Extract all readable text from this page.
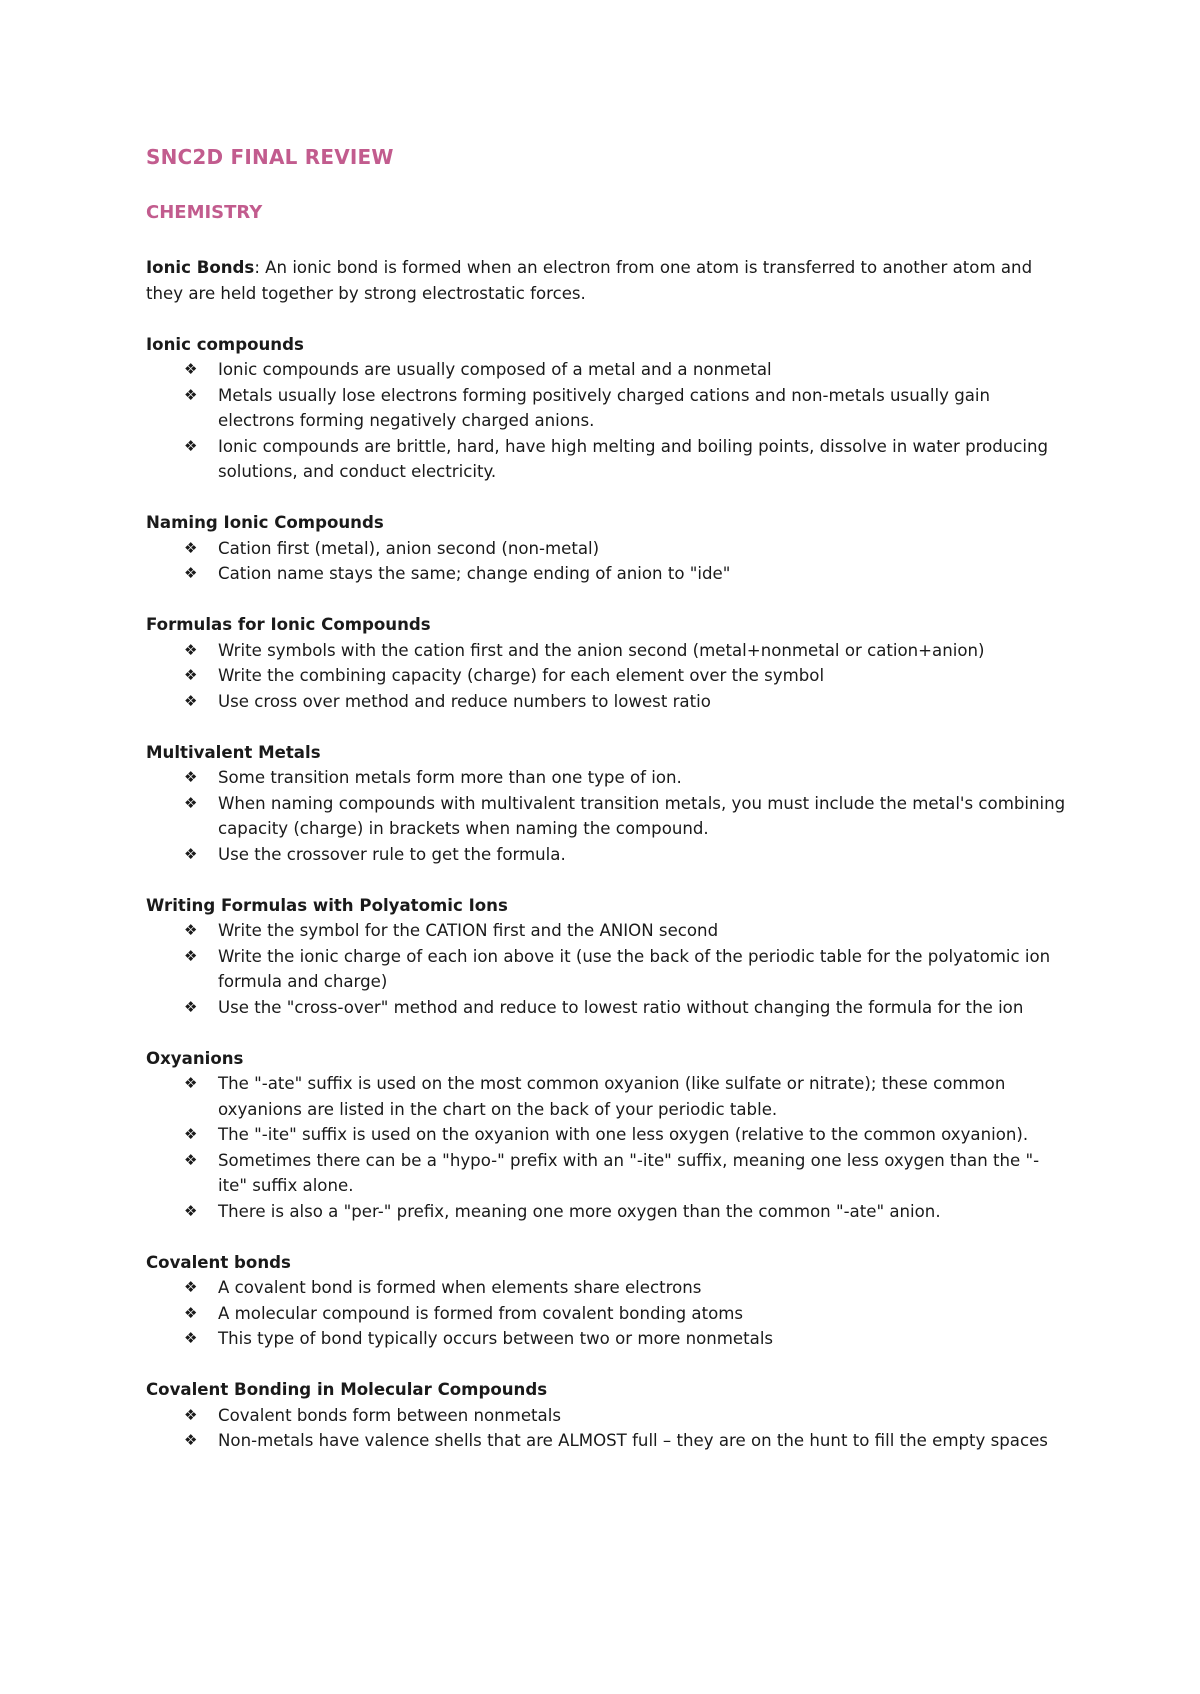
SNC2D FINAL REVIEW
CHEMISTRY

Ionic Bonds: An ionic bond is formed when an electron from one atom is transferred to another atom and they are held together by strong electrostatic forces.

Ionic compounds
❖ Ionic compounds are usually composed of a metal and a nonmetal
❖ Metals usually lose electrons forming positively charged cations and non-metals usually gain electrons forming negatively charged anions.
❖ Ionic compounds are brittle, hard, have high melting and boiling points, dissolve in water producing solutions, and conduct electricity.
Naming Ionic Compounds
❖ Cation first (metal), anion second (non-metal)
❖ Cation name stays the same; change ending of anion to "ide"
Formulas for Ionic Compounds
❖ Write symbols with the cation first and the anion second (metal+nonmetal or cation+anion)
❖ Write the combining capacity (charge) for each element over the symbol
❖ Use cross over method and reduce numbers to lowest ratio
Multivalent Metals
❖ Some transition metals form more than one type of ion.
❖ When naming compounds with multivalent transition metals, you must include the metal's combining capacity (charge) in brackets when naming the compound.
❖ Use the crossover rule to get the formula.
Writing Formulas with Polyatomic Ions
❖ Write the symbol for the CATION first and the ANION second
❖ Write the ionic charge of each ion above it (use the back of the periodic table for the polyatomic ion formula and charge)
❖ Use the "cross-over" method and reduce to lowest ratio without changing the formula for the ion
Oxyanions
❖ The "-ate" suffix is used on the most common oxyanion (like sulfate or nitrate); these common oxyanions are listed in the chart on the back of your periodic table.
❖ The "-ite" suffix is used on the oxyanion with one less oxygen (relative to the common oxyanion).
❖ Sometimes there can be a "hypo-" prefix with an "-ite" suffix, meaning one less oxygen than the "-ite" suffix alone.
❖ There is also a "per-" prefix, meaning one more oxygen than the common "-ate" anion.
Covalent bonds
❖ A covalent bond is formed when elements share electrons
❖ A molecular compound is formed from covalent bonding atoms
❖ This type of bond typically occurs between two or more nonmetals
Covalent Bonding in Molecular Compounds
❖ Covalent bonds form between nonmetals
❖ Non-metals have valence shells that are ALMOST full – they are on the hunt to fill the empty spaces
